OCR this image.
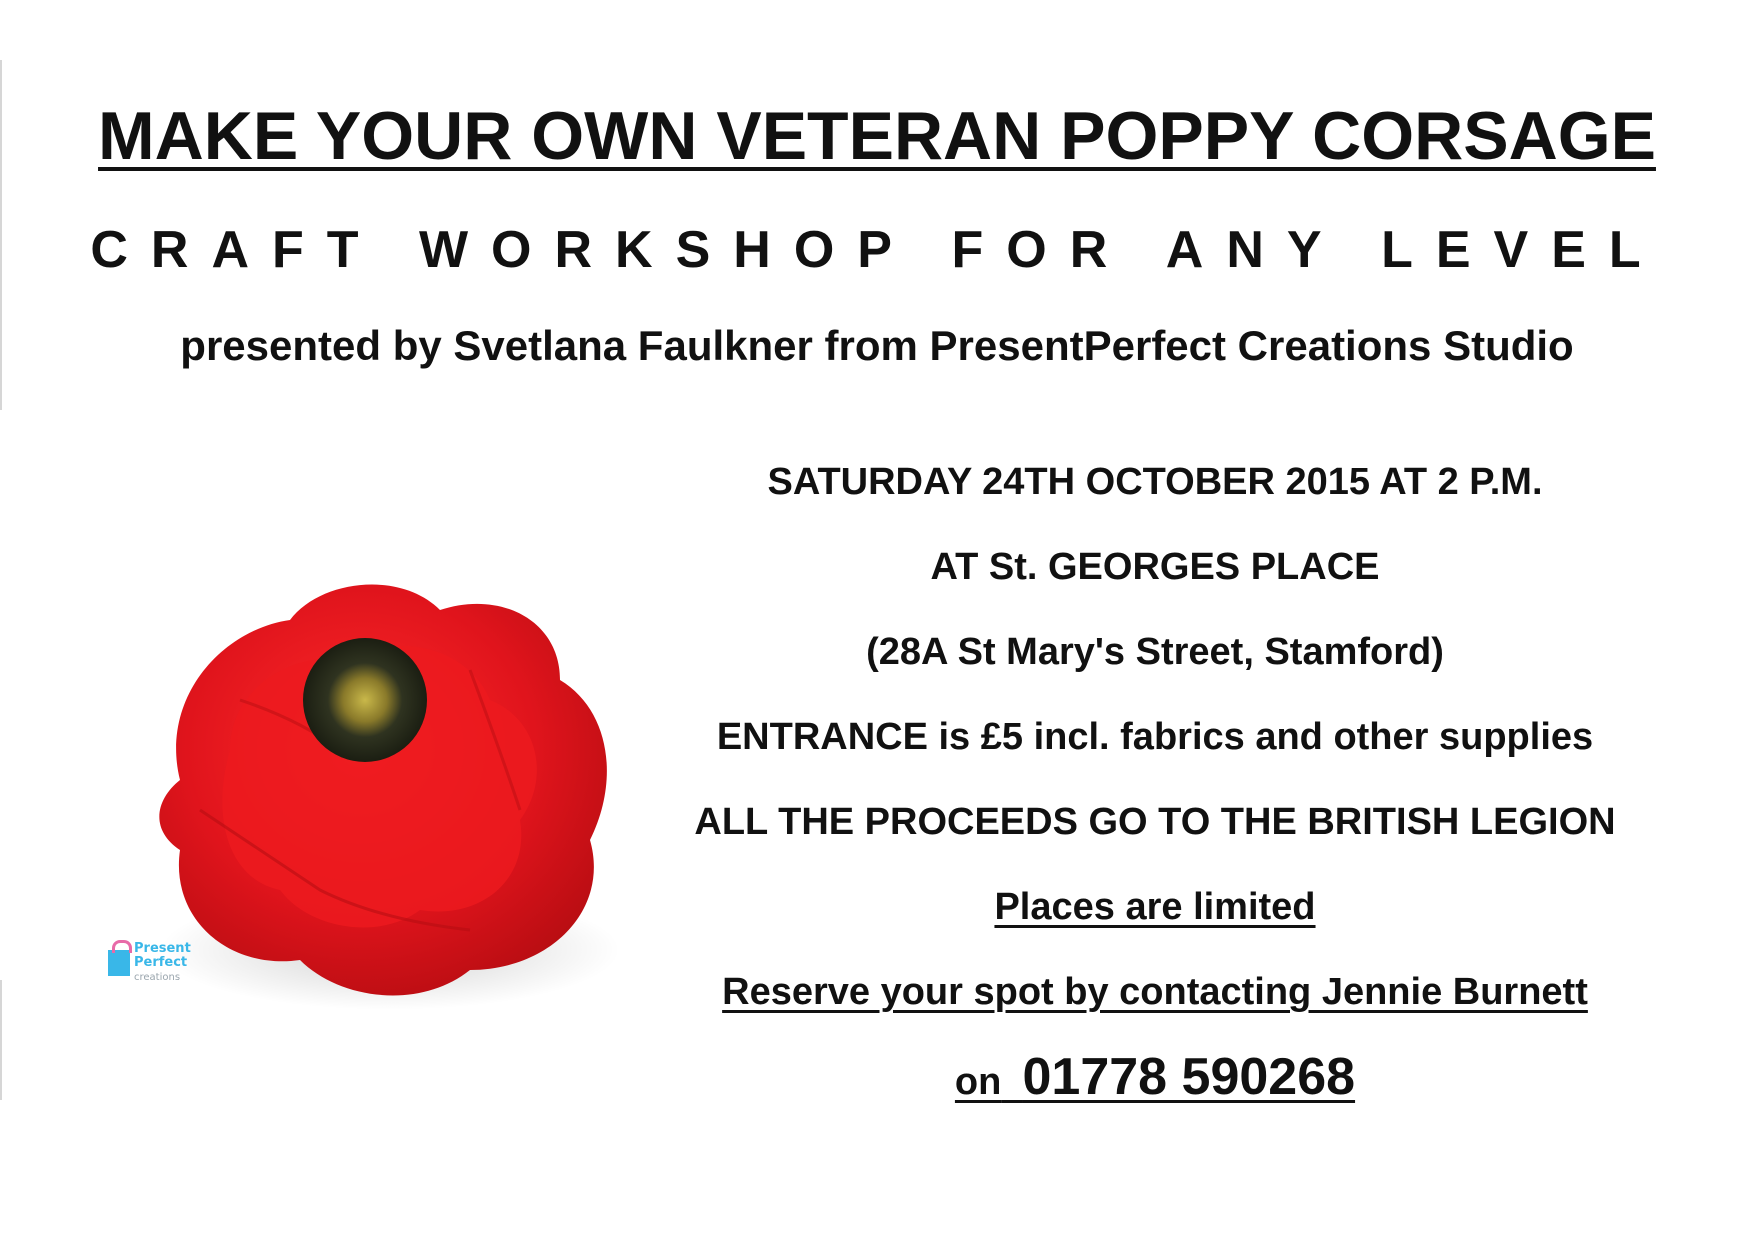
MAKE YOUR OWN VETERAN POPPY CORSAGE
CRAFT WORKSHOP FOR ANY LEVEL
presented by Svetlana Faulkner from PresentPerfect Creations Studio
Present
Perfect
creations
SATURDAY 24TH OCTOBER 2015 AT 2 P.M.
AT St. GEORGES PLACE
(28A St Mary's Street, Stamford)
ENTRANCE is £5 incl. fabrics and other supplies
ALL THE PROCEEDS GO TO THE BRITISH LEGION
Places are limited
Reserve your spot by contacting Jennie Burnett
on 01778 590268
